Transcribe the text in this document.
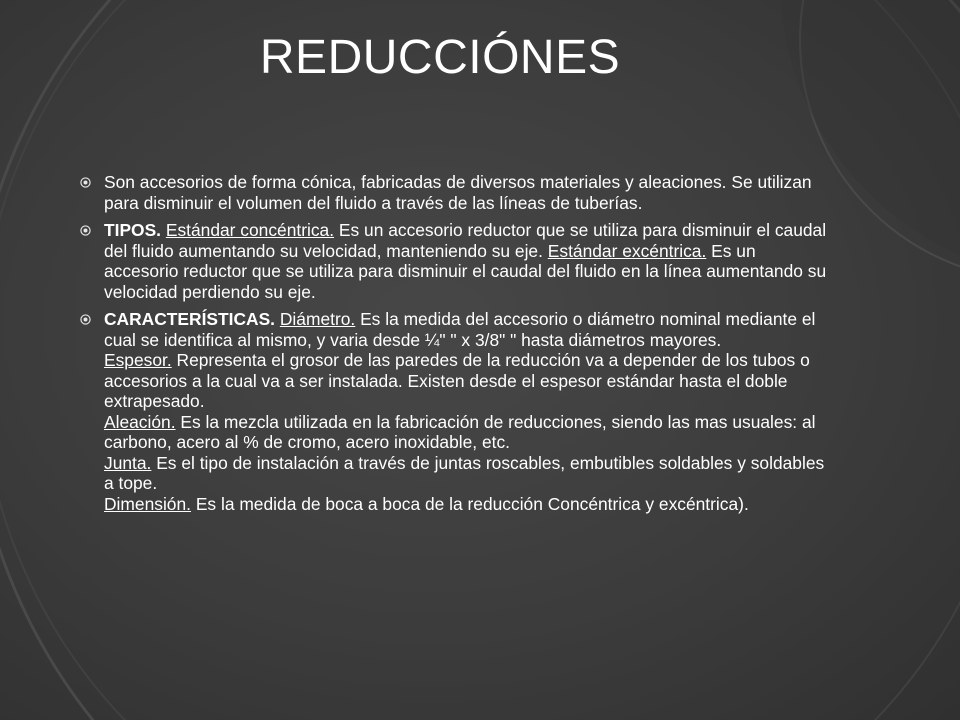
REDUCCIÓNES
Son accesorios de forma cónica, fabricadas de diversos materiales y aleaciones. Se utilizan para disminuir el volumen del fluido a través de las líneas de tuberías.
TIPOS. Estándar concéntrica. Es un accesorio reductor que se utiliza para disminuir el caudal del fluido aumentando su velocidad, manteniendo su eje. Estándar excéntrica. Es un accesorio reductor que se utiliza para disminuir el caudal del fluido en la línea aumentando su velocidad perdiendo su eje.
CARACTERÍSTICAS. Diámetro. Es la medida del accesorio o diámetro nominal mediante el cual se identifica al mismo, y varia desde ¼" " x 3/8" " hasta diámetros mayores.
Espesor. Representa el grosor de las paredes de la reducción va a depender de los tubos o accesorios a la cual va a ser instalada. Existen desde el espesor estándar hasta el doble extrapesado.
Aleación. Es la mezcla utilizada en la fabricación de reducciones, siendo las mas usuales: al carbono, acero al % de cromo, acero inoxidable, etc.
Junta. Es el tipo de instalación a través de juntas roscables, embutibles soldables y soldables a tope.
Dimensión. Es la medida de boca a boca de la reducción Concéntrica y excéntrica).
